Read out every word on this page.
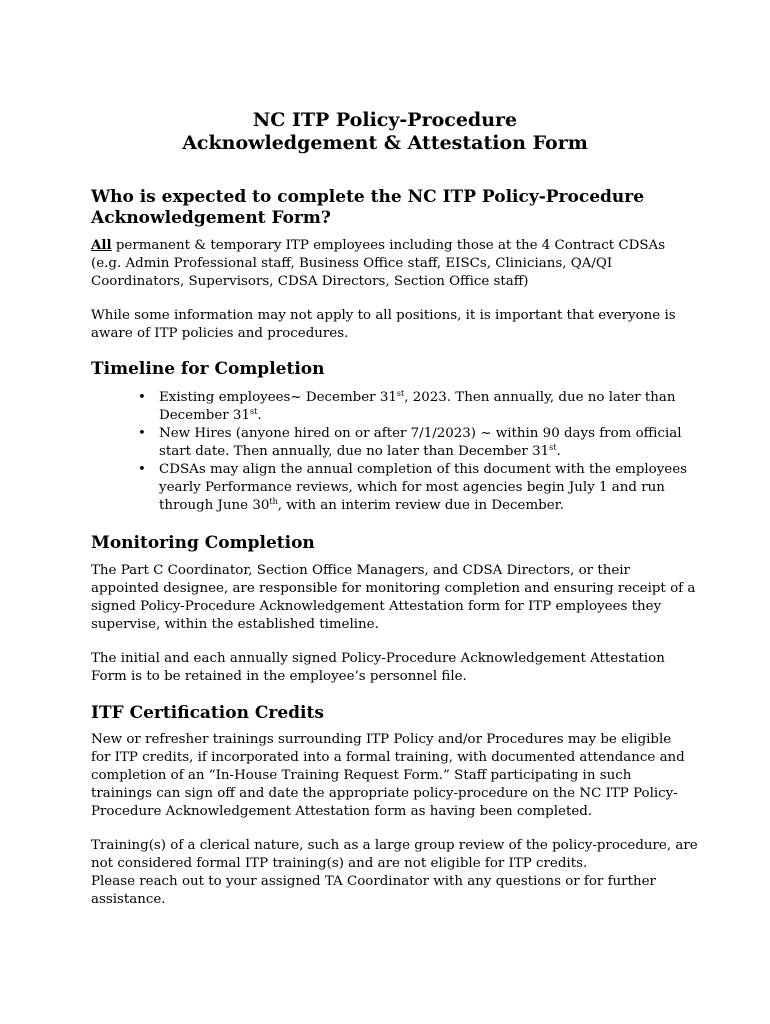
NC ITP Policy-Procedure
Acknowledgement & Attestation Form
Who is expected to complete the NC ITP Policy-Procedure
Acknowledgement Form?

All permanent & temporary ITP employees including those at the 4 Contract CDSAs
(e.g. Admin Professional staff, Business Office staff, EISCs, Clinicians, QA/QI
Coordinators, Supervisors, CDSA Directors, Section Office staff)

While some information may not apply to all positions, it is important that everyone is
aware of ITP policies and procedures.

Timeline for Completion
• Existing employees~ December 31st, 2023. Then annually, due no later than
December 31st.
• New Hires (anyone hired on or after 7/1/2023) ~ within 90 days from official
start date. Then annually, due no later than December 31st.
• CDSAs may align the annual completion of this document with the employees
yearly Performance reviews, which for most agencies begin July 1 and run
through June 30th, with an interim review due in December.
Monitoring Completion

The Part C Coordinator, Section Office Managers, and CDSA Directors, or their
appointed designee, are responsible for monitoring completion and ensuring receipt of a
signed Policy-Procedure Acknowledgement Attestation form for ITP employees they
supervise, within the established timeline.

The initial and each annually signed Policy-Procedure Acknowledgement Attestation
Form is to be retained in the employee’s personnel file.

ITF Certification Credits

New or refresher trainings surrounding ITP Policy and/or Procedures may be eligible
for ITP credits, if incorporated into a formal training, with documented attendance and
completion of an “In-House Training Request Form.” Staff participating in such
trainings can sign off and date the appropriate policy-procedure on the NC ITP Policy-
Procedure Acknowledgement Attestation form as having been completed.

Training(s) of a clerical nature, such as a large group review of the policy-procedure, are
not considered formal ITP training(s) and are not eligible for ITP credits.
Please reach out to your assigned TA Coordinator with any questions or for further
assistance.
